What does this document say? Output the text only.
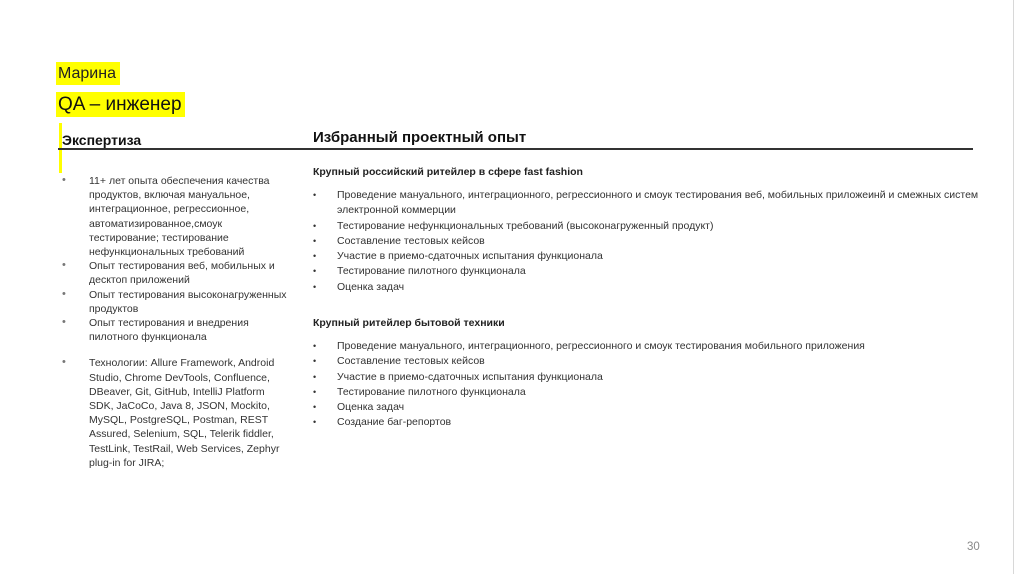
Марина
QA – инженер
Экспертиза	Избранный проектный опыт
• 11+ лет опыта обеспечения качества продуктов, включая мануальное, интеграционное, регрессионное, автоматизированное,смоук тестирование; тестирование нефункциональных требований
• Опыт тестирования веб, мобильных и десктоп приложений
• Опыт тестирования высоконагруженных продуктов
• Опыт тестирования и внедрения пилотного функционала
• Технологии: Allure Framework, Android Studio, Chrome DevTools, Confluence, DBeaver, Git, GitHub, IntelliJ Platform SDK, JaCoCo, Java 8, JSON, Mockito, MySQL, PostgreSQL, Postman, REST Assured, Selenium, SQL, Telerik fiddler, TestLink, TestRail, Web Services, Zephyr plug-in for JIRA;
Крупный российский ритейлер в сфере fast fashion
• Проведение мануального, интеграционного, регрессионного и смоук тестирования веб, мобильных приложеинй и смежных систем электронной коммерции
• Тестирование нефункциональных требований (высоконагруженный продукт)
• Составление тестовых кейсов
• Участие в приемо-сдаточных испытания функционала
• Тестирование пилотного функционала
• Оценка задач
Крупный ритейлер бытовой техники
• Проведение мануального, интеграционного, регрессионного и смоук тестирования мобильного приложения
• Составление тестовых кейсов
• Участие в приемо-сдаточных испытания функционала
• Тестирование пилотного функционала
• Оценка задач
• Создание баг-репортов
30
